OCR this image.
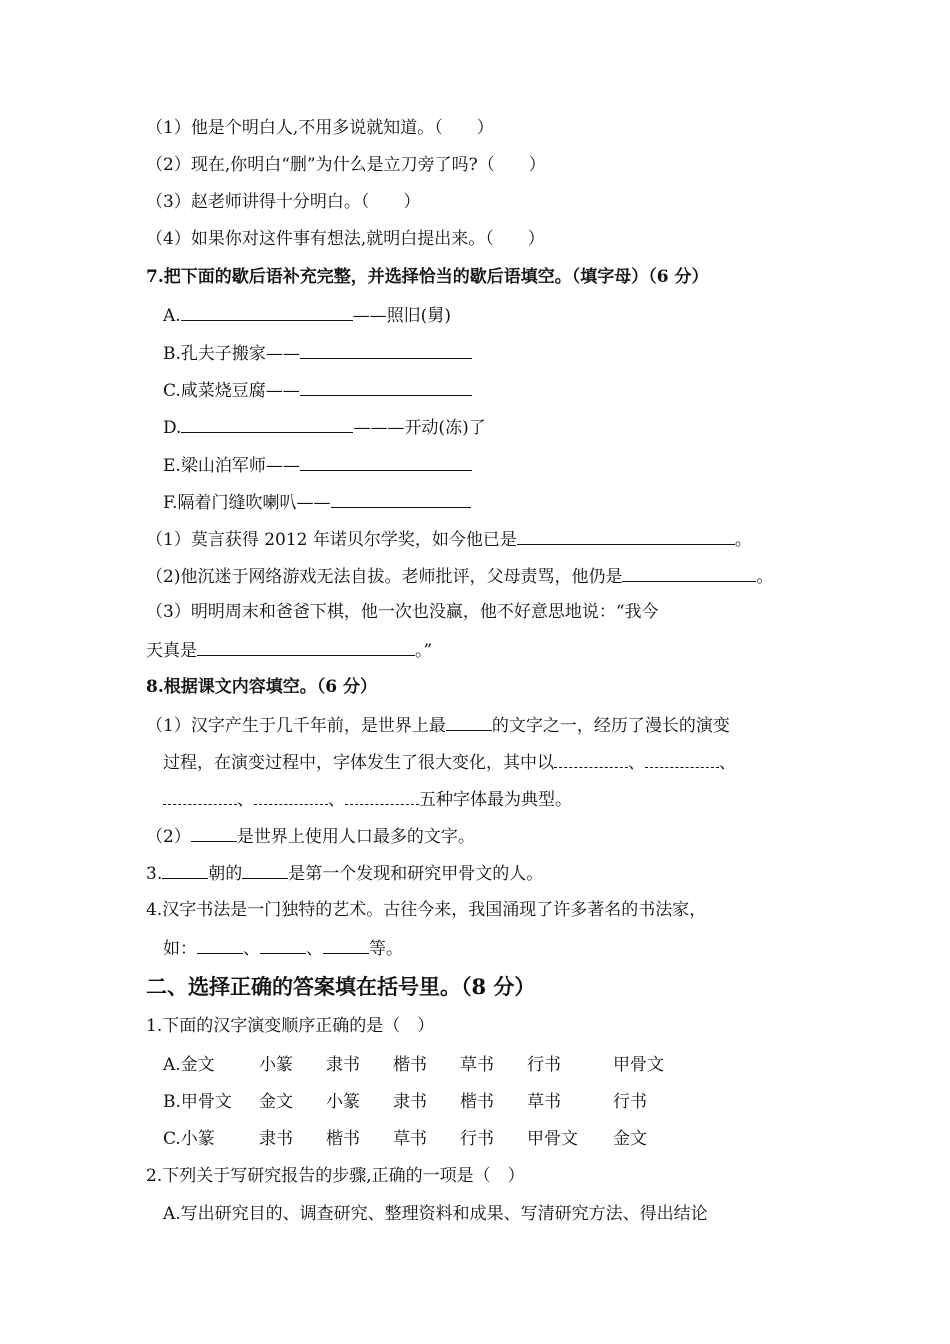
（1）他是个明白人,不用多说就知道。（　　）
（2）现在,你明白“删”为什么是立刀旁了吗?（　　）
（3）赵老师讲得十分明白。（　　）
（4）如果你对这件事有想法,就明白提出来。（　　）
7.把下面的歇后语补充完整，并选择恰当的歇后语填空。（填字母）（6 分）
A.	——照旧(舅)
B.孔夫子搬家——
C.咸菜烧豆腐——
D.	———开动(冻)了
E.梁山泊军师——
F.隔着门缝吹喇叭——
（1）莫言获得 2012 年诺贝尔学奖，如今他已是	。
（2)他沉迷于网络游戏无法自拔。老师批评，父母责骂，他仍是	。
（3）明明周末和爸爸下棋，他一次也没赢，他不好意思地说：“我今
天真是	。”
8.根据课文内容填空。（6 分）
（1）汉字产生于几千年前，是世界上最	的文字之一，经历了漫长的演变
过程，在演变过程中，字体发生了很大变化，其中以	、	、
、	、	五种字体最为典型。
（2）	是世界上使用人口最多的文字。
3.	朝的	是第一个发现和研究甲骨文的人。
4.汉字书法是一门独特的艺术。古往今来，我国涌现了许多著名的书法家，
如：	、	、	等。
二、选择正确的答案填在括号里。（8 分）
1.下面的汉字演变顺序正确的是（　）
A.金文	小篆 隶书 楷书 草书 行书	甲骨文
B.甲骨文 金文 小篆 隶书 楷书 草书	行书
C.小篆	隶书 楷书 草书 行书 甲骨文 金文
2.下列关于写研究报告的步骤,正确的一项是（　）
A.写出研究目的、调查研究、整理资料和成果、写清研究方法、得出结论
